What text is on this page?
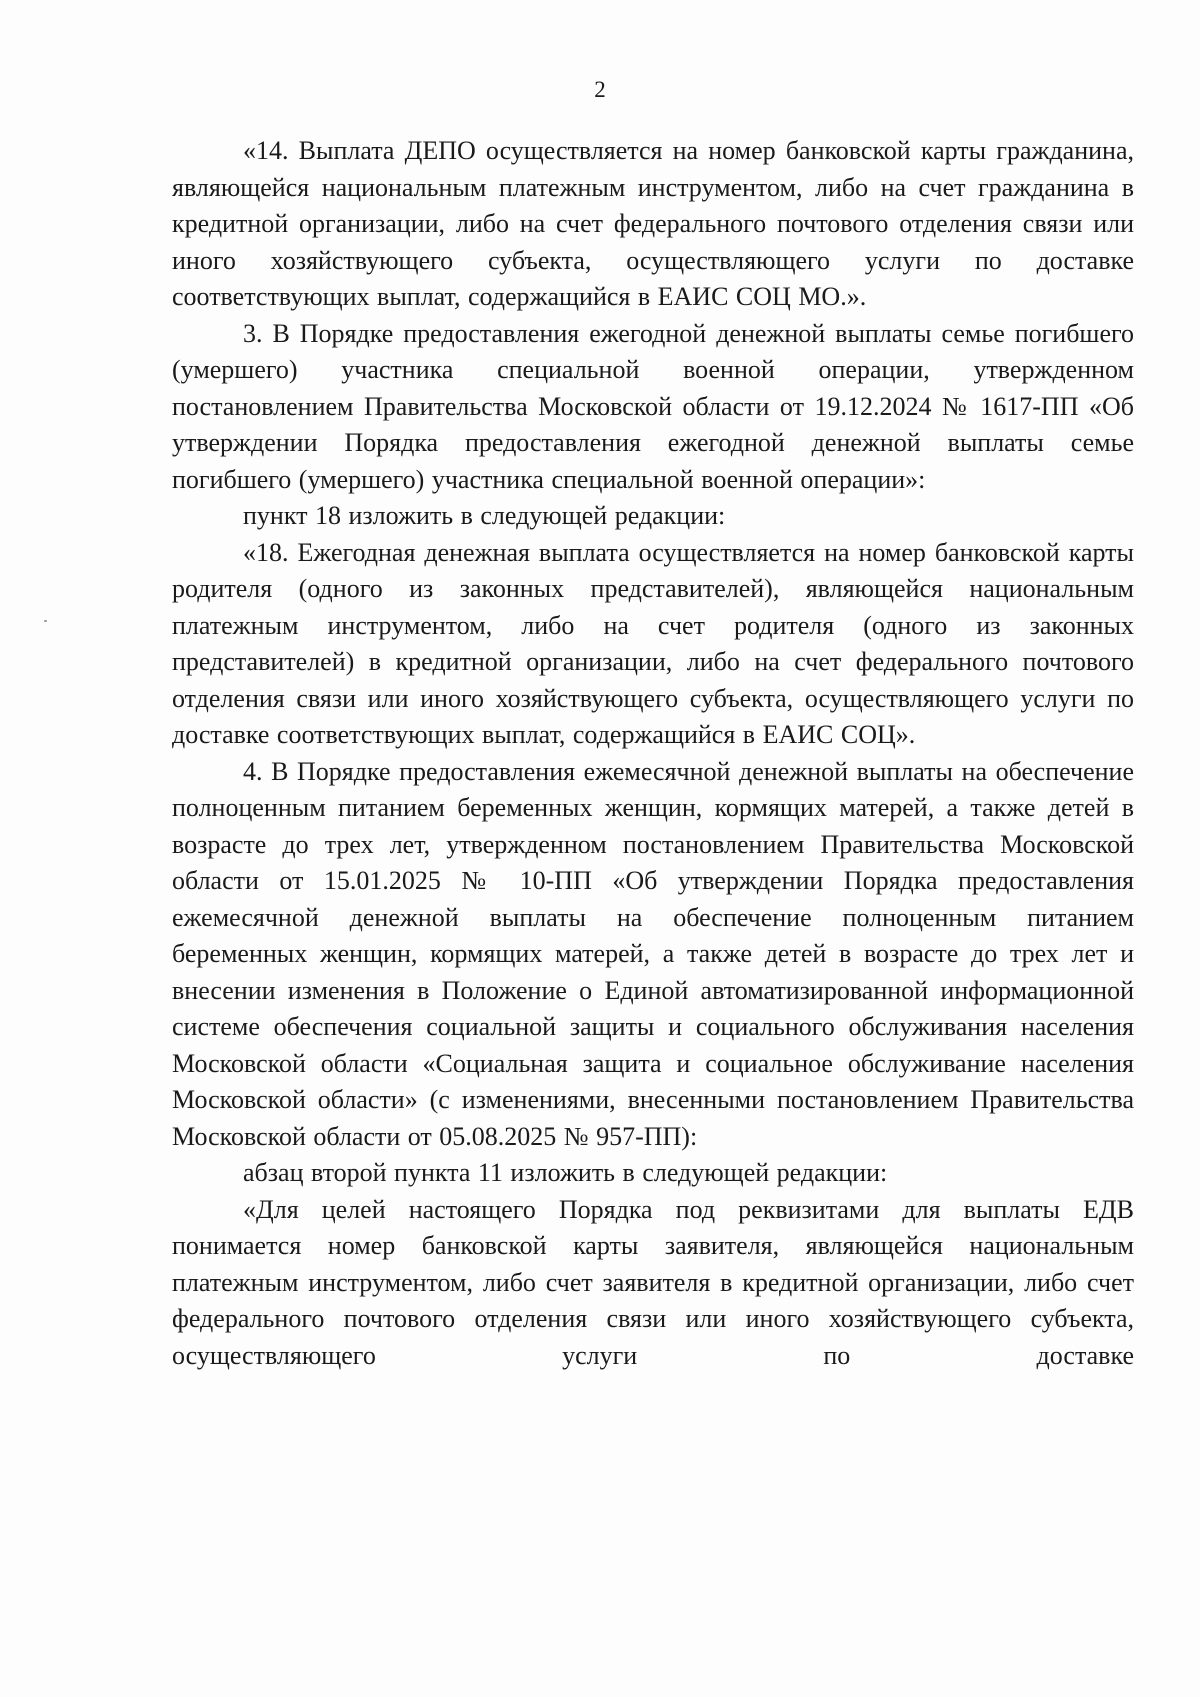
2

«14. Выплата ДЕПО осуществляется на номер банковской карты гражданина, являющейся национальным платежным инструментом, либо на счет гражданина в кредитной организации, либо на счет федерального почтового отделения связи или иного хозяйствующего субъекта, осуществляющего услуги по доставке соответствующих выплат, содержащийся в ЕАИС СОЦ МО.».

3. В Порядке предоставления ежегодной денежной выплаты семье погибшего (умершего) участника специальной военной операции, утвержденном постановлением Правительства Московской области от 19.12.2024 № 1617-ПП «Об утверждении Порядка предоставления ежегодной денежной выплаты семье погибшего (умершего) участника специальной военной операции»:

пункт 18 изложить в следующей редакции:

«18. Ежегодная денежная выплата осуществляется на номер банковской карты родителя (одного из законных представителей), являющейся национальным платежным инструментом, либо на счет родителя (одного из законных представителей) в кредитной организации, либо на счет федерального почтового отделения связи или иного хозяйствующего субъекта, осуществляющего услуги по доставке соответствующих выплат, содержащийся в ЕАИС СОЦ».

4. В Порядке предоставления ежемесячной денежной выплаты на обеспечение полноценным питанием беременных женщин, кормящих матерей, а также детей в возрасте до трех лет, утвержденном постановлением Правительства Московской области от 15.01.2025 № 10-ПП «Об утверждении Порядка предоставления ежемесячной денежной выплаты на обеспечение полноценным питанием беременных женщин, кормящих матерей, а также детей в возрасте до трех лет и внесении изменения в Положение о Единой автоматизированной информационной системе обеспечения социальной защиты и социального обслуживания населения Московской области «Социальная защита и социальное обслуживание населения Московской области» (с изменениями, внесенными постановлением Правительства Московской области от 05.08.2025 № 957-ПП):

абзац второй пункта 11 изложить в следующей редакции:

«Для целей настоящего Порядка под реквизитами для выплаты ЕДВ понимается номер банковской карты заявителя, являющейся национальным платежным инструментом, либо счет заявителя в кредитной организации, либо счет федерального почтового отделения связи или иного хозяйствующего субъекта, осуществляющего услуги по доставке
